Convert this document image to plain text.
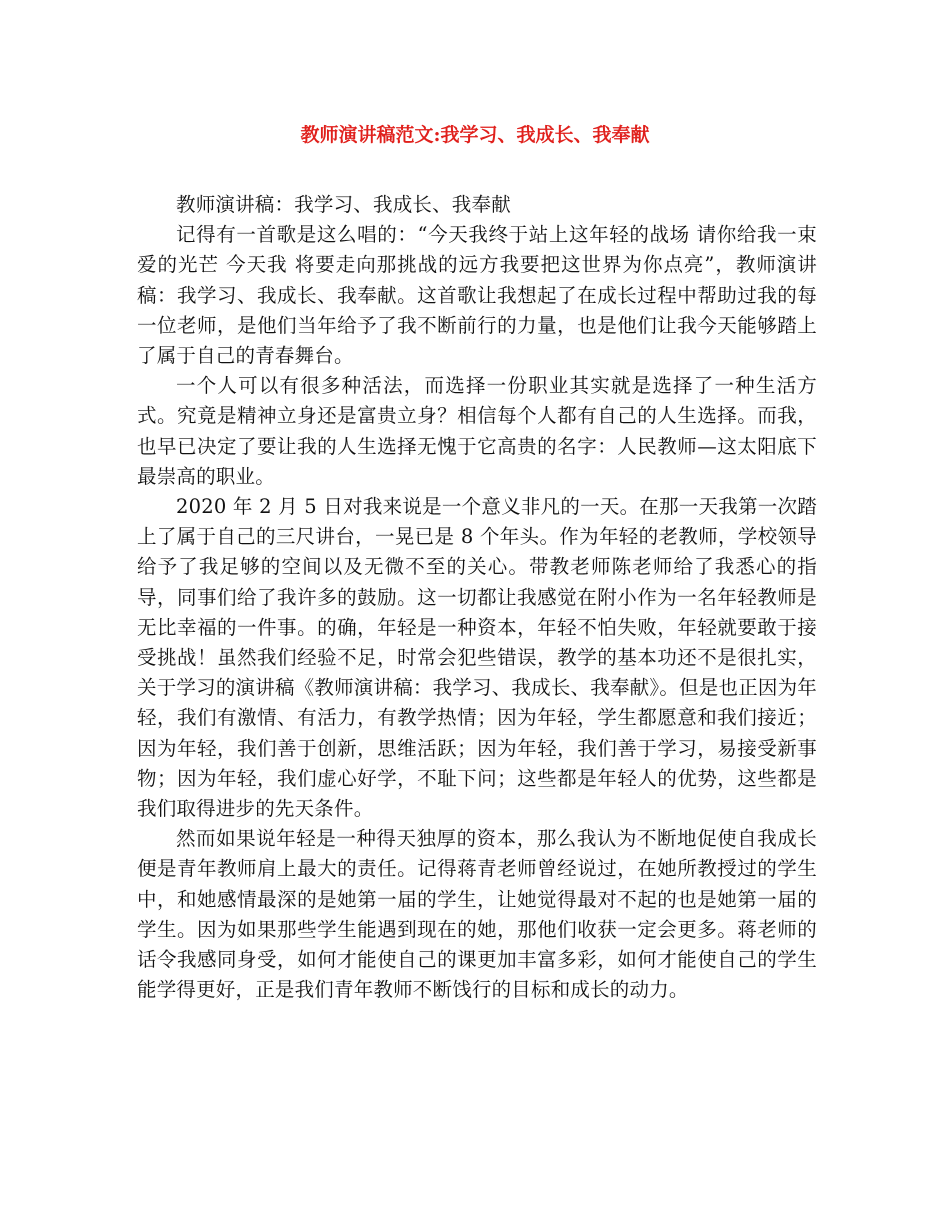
教师演讲稿范文:我学习、我成长、我奉献

教师演讲稿：我学习、我成长、我奉献

记得有一首歌是这么唱的：“今天我终于站上这年轻的战场 请你给我一束爱的光芒 今天我 将要走向那挑战的远方我要把这世界为你点亮”，教师演讲稿：我学习、我成长、我奉献。这首歌让我想起了在成长过程中帮助过我的每一位老师，是他们当年给予了我不断前行的力量，也是他们让我今天能够踏上了属于自己的青春舞台。

一个人可以有很多种活法，而选择一份职业其实就是选择了一种生活方式。究竟是精神立身还是富贵立身？相信每个人都有自己的人生选择。而我，也早已决定了要让我的人生选择无愧于它高贵的名字：人民教师—这太阳底下最崇高的职业。

2020 年 2 月 5 日对我来说是一个意义非凡的一天。在那一天我第一次踏上了属于自己的三尺讲台，一晃已是 8 个年头。作为年轻的老教师，学校领导给予了我足够的空间以及无微不至的关心。带教老师陈老师给了我悉心的指导，同事们给了我许多的鼓励。这一切都让我感觉在附小作为一名年轻教师是无比幸福的一件事。的确，年轻是一种资本，年轻不怕失败，年轻就要敢于接受挑战！虽然我们经验不足，时常会犯些错误，教学的基本功还不是很扎实，关于学习的演讲稿《教师演讲稿：我学习、我成长、我奉献》。但是也正因为年轻，我们有激情、有活力，有教学热情；因为年轻，学生都愿意和我们接近；因为年轻，我们善于创新，思维活跃；因为年轻，我们善于学习，易接受新事物；因为年轻，我们虚心好学，不耻下问；这些都是年轻人的优势，这些都是我们取得进步的先天条件。

然而如果说年轻是一种得天独厚的资本，那么我认为不断地促使自我成长便是青年教师肩上最大的责任。记得蒋青老师曾经说过，在她所教授过的学生中，和她感情最深的是她第一届的学生，让她觉得最对不起的也是她第一届的学生。因为如果那些学生能遇到现在的她，那他们收获一定会更多。蒋老师的话令我感同身受，如何才能使自己的课更加丰富多彩，如何才能使自己的学生能学得更好，正是我们青年教师不断饯行的目标和成长的动力。
